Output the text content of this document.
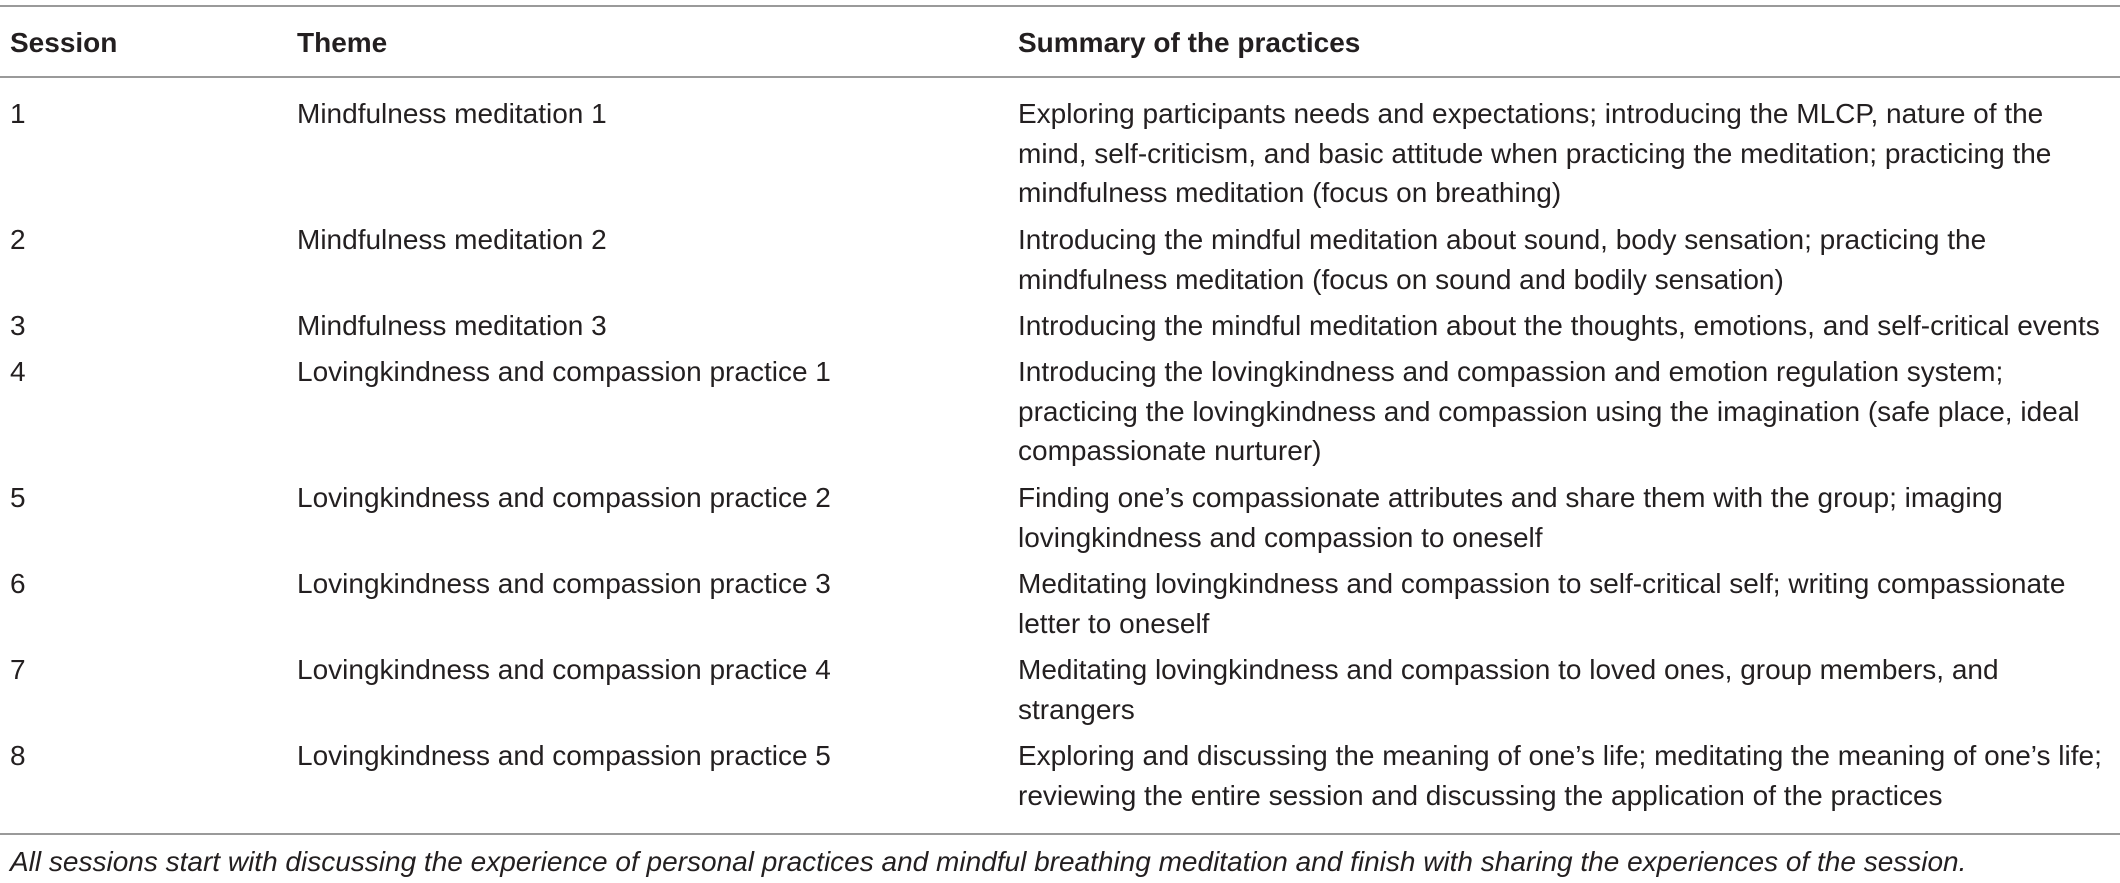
Session	Theme	Summary of the practices
1	Mindfulness meditation 1	Exploring participants needs and expectations; introducing the MLCP, nature of the
mind, self-criticism, and basic attitude when practicing the meditation; practicing the
mindfulness meditation (focus on breathing)
2	Mindfulness meditation 2	Introducing the mindful meditation about sound, body sensation; practicing the
mindfulness meditation (focus on sound and bodily sensation)
3	Mindfulness meditation 3	Introducing the mindful meditation about the thoughts, emotions, and self-critical events
4	Lovingkindness and compassion practice 1	Introducing the lovingkindness and compassion and emotion regulation system;
practicing the lovingkindness and compassion using the imagination (safe place, ideal
compassionate nurturer)
5	Lovingkindness and compassion practice 2	Finding one’s compassionate attributes and share them with the group; imaging
lovingkindness and compassion to oneself
6	Lovingkindness and compassion practice 3	Meditating lovingkindness and compassion to self-critical self; writing compassionate
letter to oneself
7	Lovingkindness and compassion practice 4	Meditating lovingkindness and compassion to loved ones, group members, and
strangers
8	Lovingkindness and compassion practice 5	Exploring and discussing the meaning of one’s life; meditating the meaning of one’s life;
reviewing the entire session and discussing the application of the practices
All sessions start with discussing the experience of personal practices and mindful breathing meditation and finish with sharing the experiences of the session.
